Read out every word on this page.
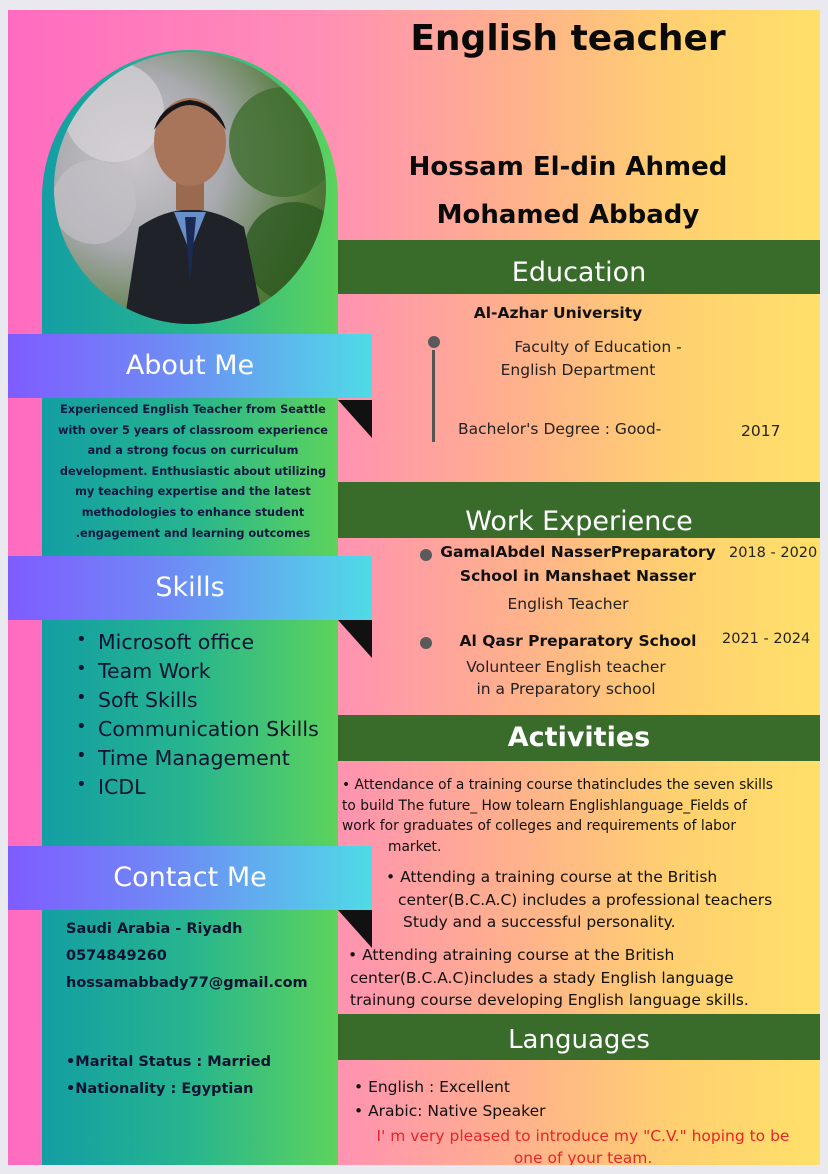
About Me
Experienced English Teacher from Seattle with over 5 years of classroom experience and a strong focus on curriculum development. Enthusiastic about utilizing my teaching expertise and the latest methodologies to enhance student .engagement and learning outcomes
Skills
• Microsoft office
• Team Work
• Soft Skills
• Communication Skills
• Time Management
• ICDL
Contact Me
Saudi Arabia - Riyadh
0574849260
hossamabbady77@gmail.com
•Marital Status : Married
•Nationality : Egyptian
English teacher
Hossam El-din Ahmed
Mohamed Abbady
Education
Al-Azhar University
Faculty of Education -
English Department
Bachelor's Degree : Good-	2017
Work Experience
GamalAbdel NasserPreparatory
School in Manshaet Nasser
English Teacher
2018 - 2020
Al Qasr Preparatory School
Volunteer English teacher
in a Preparatory school
2021 - 2024
Activities
• Attendance of a training course thatincludes the seven skills
to build The future_ How tolearn Englishlanguage_Fields of
work for graduates of colleges and requirements of labor
market.
• Attending a training course at the British
center(B.C.A.C) includes a professional teachers
Study and a successful personality.
• Attending atraining course at the British
center(B.C.A.C)includes a stady English language
trainung course developing English language skills.
Languages
• English : Excellent
• Arabic: Native Speaker
I' m very pleased to introduce my "C.V." hoping to be
one of your team.
